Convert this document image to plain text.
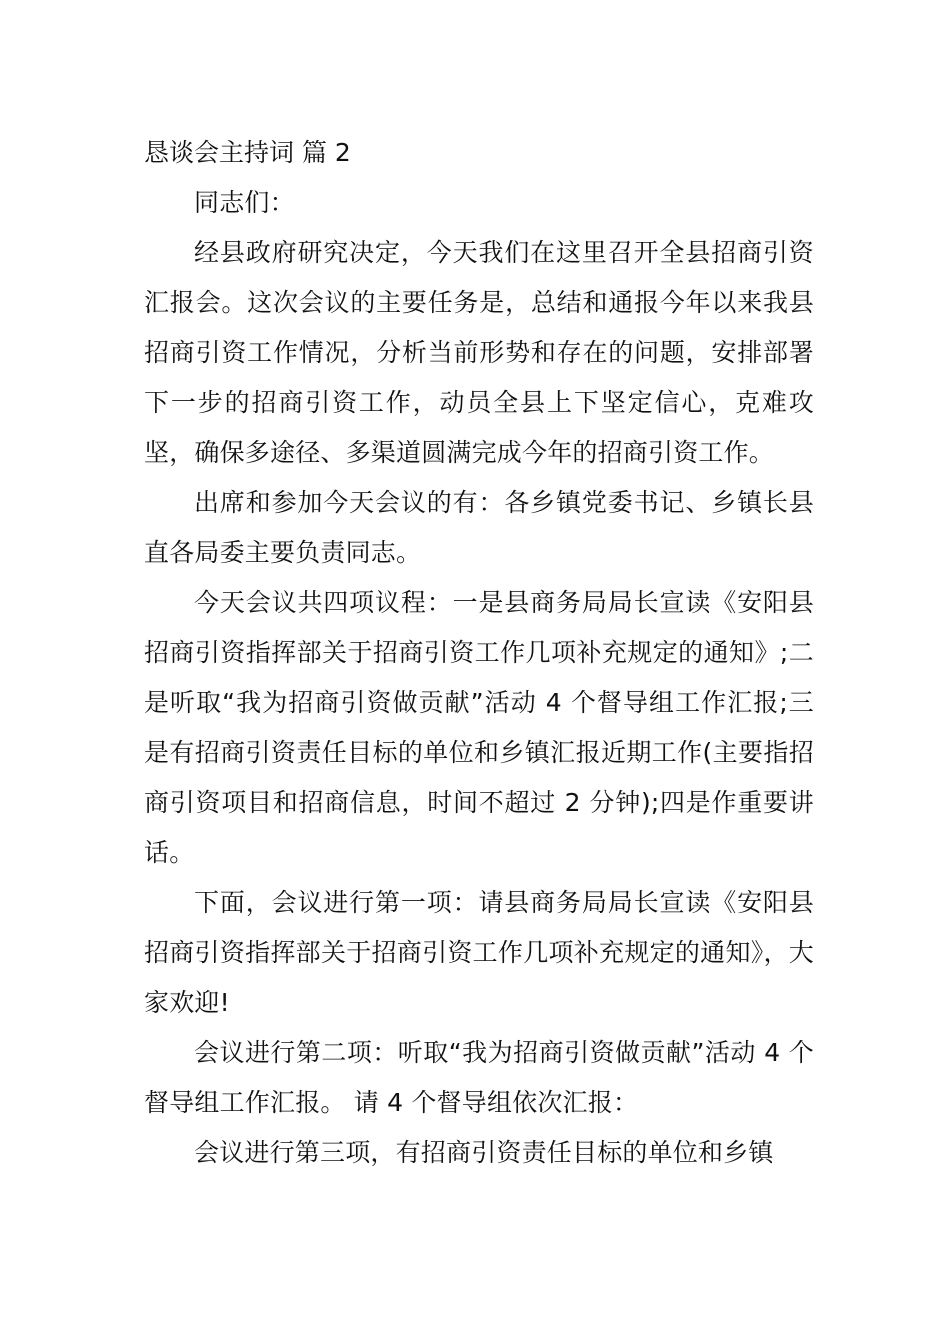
恳谈会主持词 篇 2

同志们：

经县政府研究决定，今天我们在这里召开全县招商引资汇报会。这次会议的主要任务是，总结和通报今年以来我县招商引资工作情况，分析当前形势和存在的问题，安排部署下一步的招商引资工作，动员全县上下坚定信心，克难攻坚，确保多途径、多渠道圆满完成今年的招商引资工作。

出席和参加今天会议的有：各乡镇党委书记、乡镇长县直各局委主要负责同志。

今天会议共四项议程：一是县商务局局长宣读《安阳县招商引资指挥部关于招商引资工作几项补充规定的通知》;二是听取“我为招商引资做贡献”活动 4 个督导组工作汇报;三是有招商引资责任目标的单位和乡镇汇报近期工作(主要指招商引资项目和招商信息，时间不超过 2 分钟);四是作重要讲话。

下面，会议进行第一项：请县商务局局长宣读《安阳县招商引资指挥部关于招商引资工作几项补充规定的通知》，大家欢迎!

会议进行第二项：听取“我为招商引资做贡献”活动 4 个督导组工作汇报。 请 4 个督导组依次汇报：

会议进行第三项，有招商引资责任目标的单位和乡镇
